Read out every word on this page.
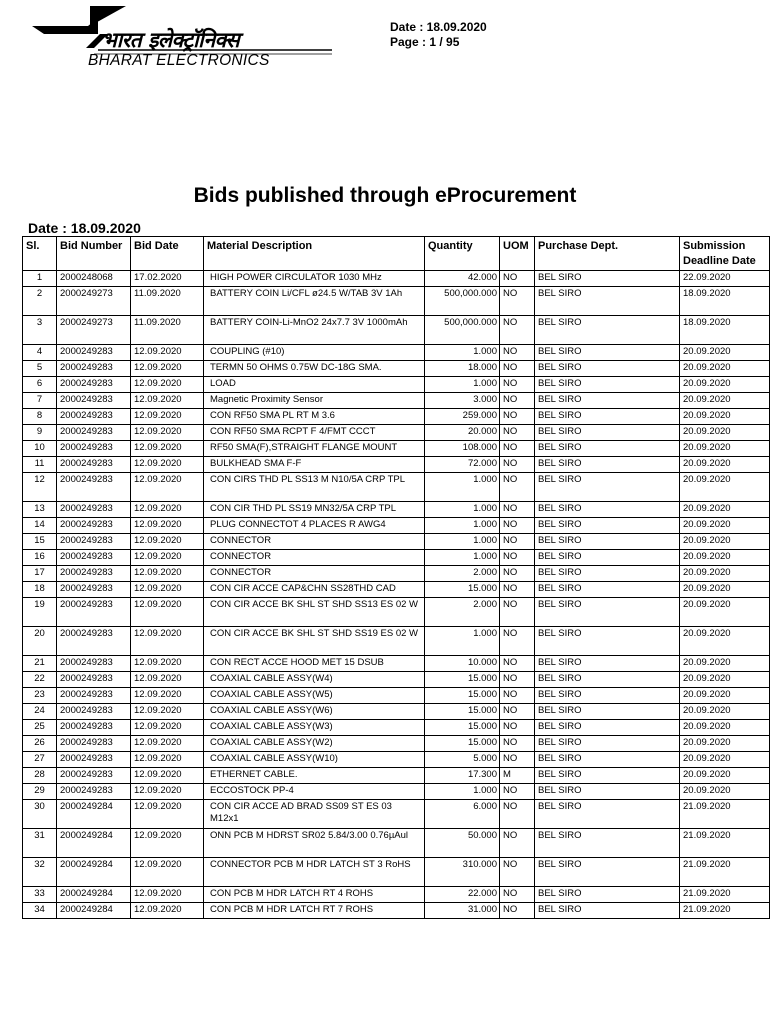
भारत इलेक्ट्रॉनिक्स
BHARAT ELECTRONICS
Date : 18.09.2020
Page : 1 / 95
Bids published through eProcurement
Date : 18.09.2020
Sl.	Bid Number	Bid Date	Material Description	Quantity	UOM	Purchase Dept.	Submission Deadline Date
1	2000248068	17.02.2020	HIGH POWER CIRCULATOR 1030 MHz	42.000	NO	BEL SIRO	22.09.2020
2	2000249273	11.09.2020	BATTERY COIN Li/CFL ø24.5 W/TAB 3V 1Ah	500,000.000	NO	BEL SIRO	18.09.2020
3	2000249273	11.09.2020	BATTERY COIN-Li-MnO2 24x7.7 3V 1000mAh	500,000.000	NO	BEL SIRO	18.09.2020
4	2000249283	12.09.2020	COUPLING (#10)	1.000	NO	BEL SIRO	20.09.2020
5	2000249283	12.09.2020	TERMN 50 OHMS 0.75W DC-18G SMA.	18.000	NO	BEL SIRO	20.09.2020
6	2000249283	12.09.2020	LOAD	1.000	NO	BEL SIRO	20.09.2020
7	2000249283	12.09.2020	Magnetic Proximity Sensor	3.000	NO	BEL SIRO	20.09.2020
8	2000249283	12.09.2020	CON RF50 SMA PL RT M 3.6	259.000	NO	BEL SIRO	20.09.2020
9	2000249283	12.09.2020	CON RF50 SMA RCPT F 4/FMT CCCT	20.000	NO	BEL SIRO	20.09.2020
10	2000249283	12.09.2020	RF50 SMA(F),STRAIGHT FLANGE MOUNT	108.000	NO	BEL SIRO	20.09.2020
11	2000249283	12.09.2020	BULKHEAD SMA F-F	72.000	NO	BEL SIRO	20.09.2020
12	2000249283	12.09.2020	CON CIRS THD PL SS13 M N10/5A CRP TPL	1.000	NO	BEL SIRO	20.09.2020
13	2000249283	12.09.2020	CON CIR THD PL SS19 MN32/5A CRP TPL	1.000	NO	BEL SIRO	20.09.2020
14	2000249283	12.09.2020	PLUG CONNECTOT 4 PLACES R AWG4	1.000	NO	BEL SIRO	20.09.2020
15	2000249283	12.09.2020	CONNECTOR	1.000	NO	BEL SIRO	20.09.2020
16	2000249283	12.09.2020	CONNECTOR	1.000	NO	BEL SIRO	20.09.2020
17	2000249283	12.09.2020	CONNECTOR	2.000	NO	BEL SIRO	20.09.2020
18	2000249283	12.09.2020	CON CIR ACCE CAP&CHN SS28THD CAD	15.000	NO	BEL SIRO	20.09.2020
19	2000249283	12.09.2020	CON CIR ACCE BK SHL ST SHD SS13 ES 02 W	2.000	NO	BEL SIRO	20.09.2020
20	2000249283	12.09.2020	CON CIR ACCE BK SHL ST SHD SS19 ES 02 W	1.000	NO	BEL SIRO	20.09.2020
21	2000249283	12.09.2020	CON RECT ACCE HOOD MET 15 DSUB	10.000	NO	BEL SIRO	20.09.2020
22	2000249283	12.09.2020	COAXIAL CABLE ASSY(W4)	15.000	NO	BEL SIRO	20.09.2020
23	2000249283	12.09.2020	COAXIAL CABLE ASSY(W5)	15.000	NO	BEL SIRO	20.09.2020
24	2000249283	12.09.2020	COAXIAL CABLE ASSY(W6)	15.000	NO	BEL SIRO	20.09.2020
25	2000249283	12.09.2020	COAXIAL CABLE ASSY(W3)	15.000	NO	BEL SIRO	20.09.2020
26	2000249283	12.09.2020	COAXIAL CABLE ASSY(W2)	15.000	NO	BEL SIRO	20.09.2020
27	2000249283	12.09.2020	COAXIAL CABLE ASSY(W10)	5.000	NO	BEL SIRO	20.09.2020
28	2000249283	12.09.2020	ETHERNET CABLE.	17.300	M	BEL SIRO	20.09.2020
29	2000249283	12.09.2020	ECCOSTOCK PP-4	1.000	NO	BEL SIRO	20.09.2020
30	2000249284	12.09.2020	CON CIR ACCE AD BRAD SS09 ST ES 03 M12x1	6.000	NO	BEL SIRO	21.09.2020
31	2000249284	12.09.2020	ONN PCB M HDRST SR02 5.84/3.00 0.76µAul	50.000	NO	BEL SIRO	21.09.2020
32	2000249284	12.09.2020	CONNECTOR PCB M HDR LATCH ST 3 RoHS	310.000	NO	BEL SIRO	21.09.2020
33	2000249284	12.09.2020	CON PCB M HDR LATCH RT 4 ROHS	22.000	NO	BEL SIRO	21.09.2020
34	2000249284	12.09.2020	CON PCB M HDR LATCH RT 7 ROHS	31.000	NO	BEL SIRO	21.09.2020
